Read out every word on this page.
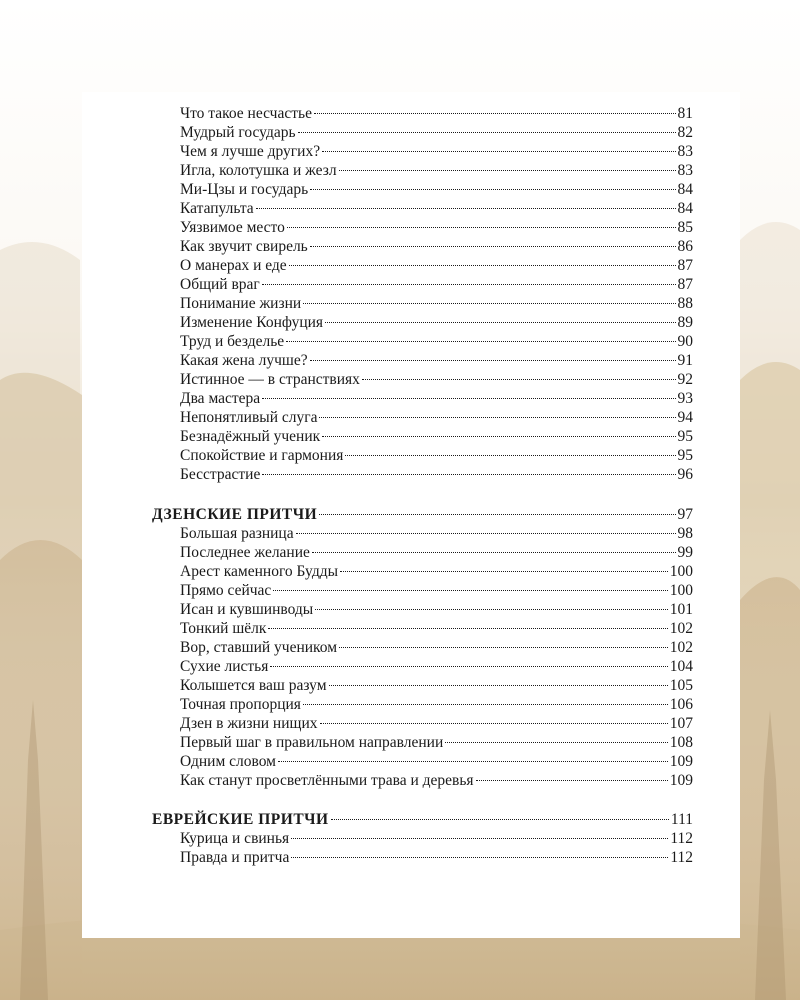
Что такое несчастье	81
Мудрый государь	82
Чем я лучше других?	83
Игла, колотушка и жезл	83
Ми-Цзы и государь	84
Катапульта	84
Уязвимое место	85
Как звучит свирель	86
О манерах и еде	87
Общий враг	87
Понимание жизни	88
Изменение Конфуция	89
Труд и безделье	90
Какая жена лучше?	91
Истинное — в странствиях	92
Два мастера	93
Непонятливый слуга	94
Безнадёжный ученик	95
Спокойствие и гармония	95
Бесстрастие	96
ДЗЕНСКИЕ ПРИТЧИ	97
Большая разница	98
Последнее желание	99
Арест каменного Будды	100
Прямо сейчас	100
Исан и кувшинводы	101
Тонкий шёлк	102
Вор, ставший учеником	102
Сухие листья	104
Колышется ваш разум	105
Точная пропорция	106
Дзен в жизни нищих	107
Первый шаг в правильном направлении	108
Одним словом	109
Как станут просветлёнными трава и деревья	109
ЕВРЕЙСКИЕ ПРИТЧИ	111
Курица и свинья	112
Правда и притча	112
